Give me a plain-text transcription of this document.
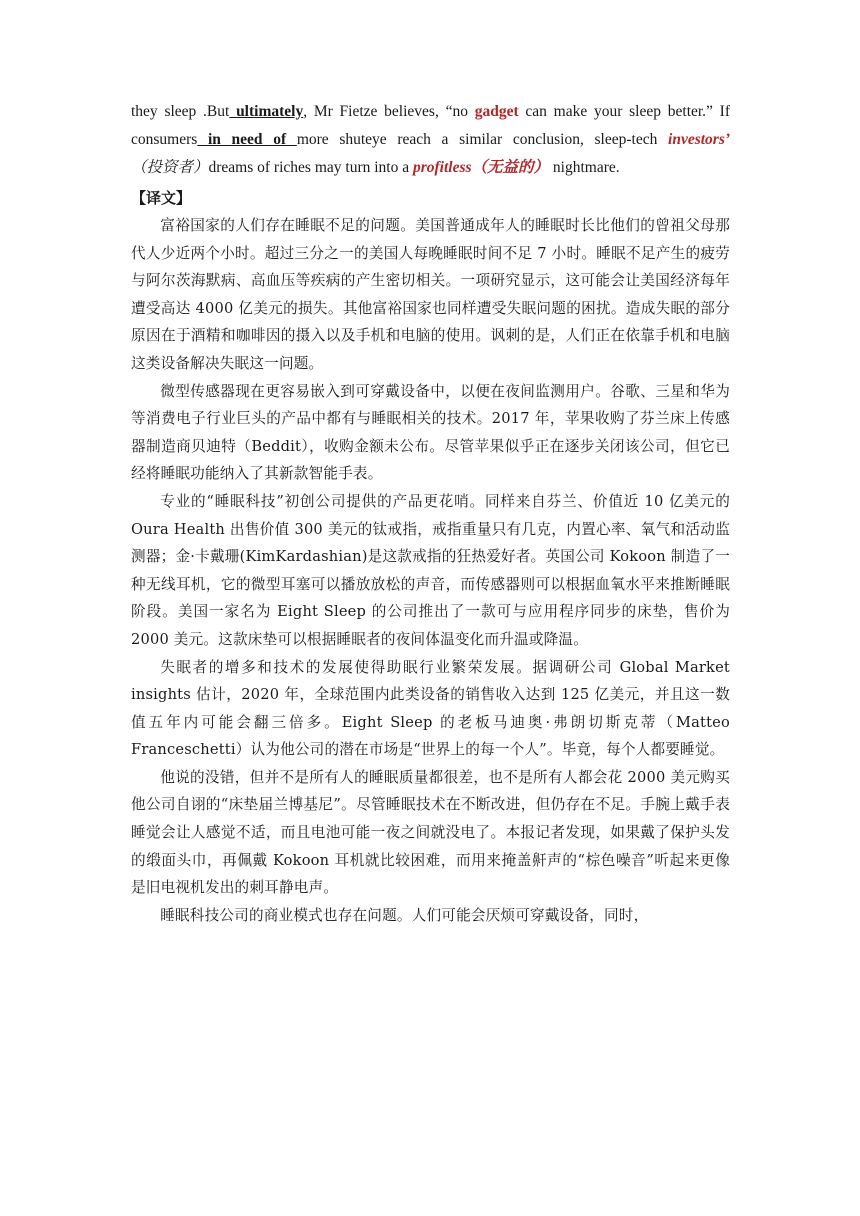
they sleep .But ultimately, Mr Fietze believes, “no gadget can make your sleep better.” If consumers in need of more shuteye reach a similar conclusion, sleep-tech investors’ （投资者）dreams of riches may turn into a profitless（无益的） nightmare.

【译文】

富裕国家的人们存在睡眠不足的问题。美国普通成年人的睡眠时长比他们的曾祖父母那代人少近两个小时。超过三分之一的美国人每晚睡眠时间不足 7 小时。睡眠不足产生的疲劳与阿尔茨海默病、高血压等疾病的产生密切相关。一项研究显示，这可能会让美国经济每年遭受高达 4000 亿美元的损失。其他富裕国家也同样遭受失眠问题的困扰。造成失眠的部分原因在于酒精和咖啡因的摄入以及手机和电脑的使用。讽刺的是，人们正在依靠手机和电脑这类设备解决失眠这一问题。

微型传感器现在更容易嵌入到可穿戴设备中，以便在夜间监测用户。谷歌、三星和华为等消费电子行业巨头的产品中都有与睡眠相关的技术。2017 年，苹果收购了芬兰床上传感器制造商贝迪特（Beddit），收购金额未公布。尽管苹果似乎正在逐步关闭该公司，但它已经将睡眠功能纳入了其新款智能手表。

专业的“睡眠科技”初创公司提供的产品更花哨。同样来自芬兰、价值近 10 亿美元的 Oura Health 出售价值 300 美元的钛戒指，戒指重量只有几克，内置心率、氧气和活动监测器；金·卡戴珊(KimKardashian)是这款戒指的狂热爱好者。英国公司 Kokoon 制造了一种无线耳机，它的微型耳塞可以播放放松的声音，而传感器则可以根据血氧水平来推断睡眠阶段。美国一家名为 Eight Sleep 的公司推出了一款可与应用程序同步的床垫，售价为 2000 美元。这款床垫可以根据睡眠者的夜间体温变化而升温或降温。

失眠者的增多和技术的发展使得助眠行业繁荣发展。据调研公司 Global Market insights 估计，2020 年，全球范围内此类设备的销售收入达到 125 亿美元，并且这一数值五年内可能会翻三倍多。Eight Sleep 的老板马迪奥·弗朗切斯克蒂（Matteo Franceschetti）认为他公司的潜在市场是“世界上的每一个人”。毕竟，每个人都要睡觉。

他说的没错，但并不是所有人的睡眠质量都很差，也不是所有人都会花 2000 美元购买他公司自诩的“床垫届兰博基尼”。尽管睡眠技术在不断改进，但仍存在不足。手腕上戴手表睡觉会让人感觉不适，而且电池可能一夜之间就没电了。本报记者发现，如果戴了保护头发的缎面头巾，再佩戴 Kokoon 耳机就比较困难，而用来掩盖鼾声的“棕色噪音”听起来更像是旧电视机发出的刺耳静电声。

睡眠科技公司的商业模式也存在问题。人们可能会厌烦可穿戴设备，同时，
